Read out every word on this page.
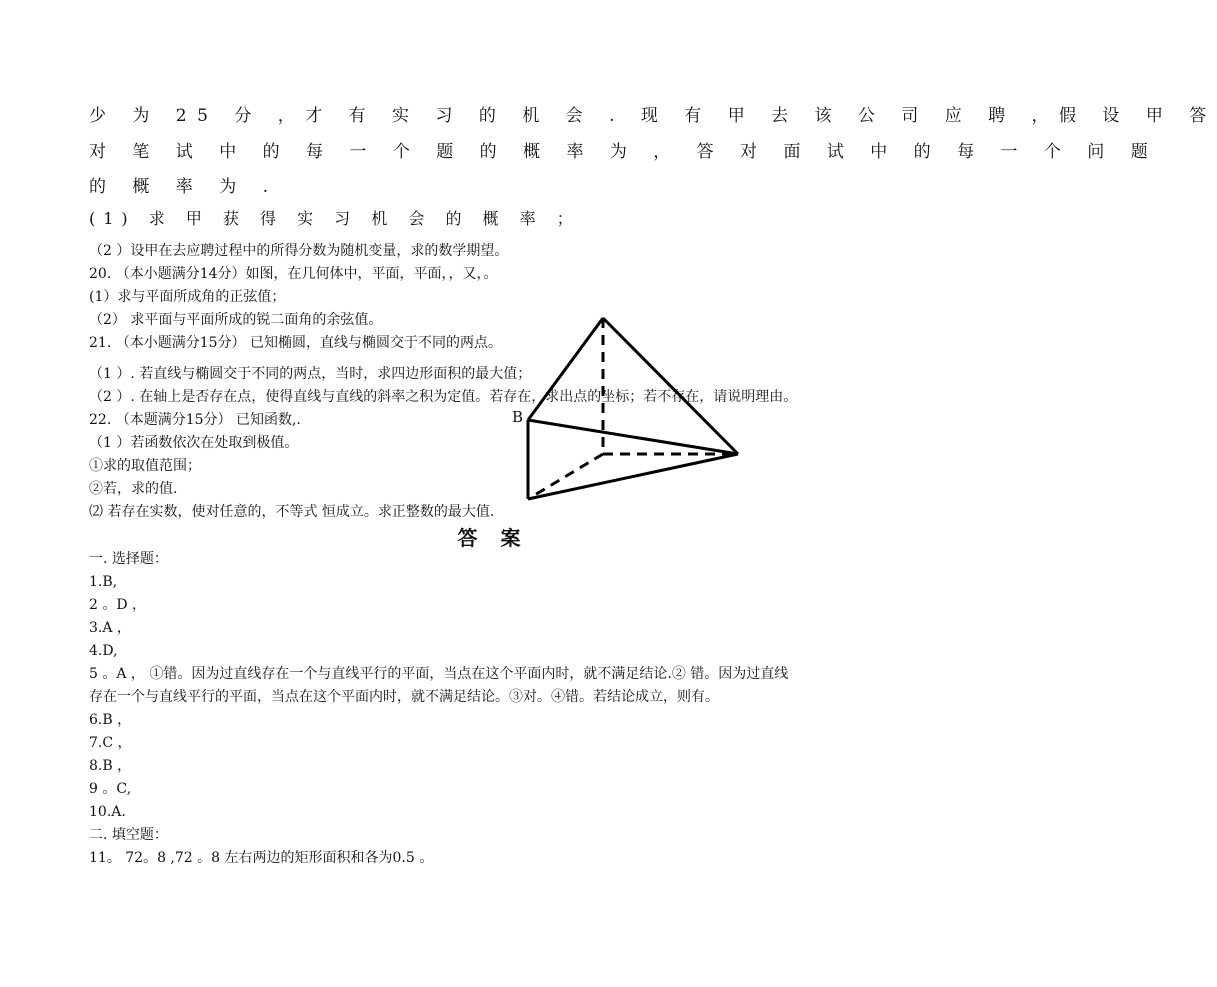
少 为 25 分 ，才 有 实 习 的 机 会 . 现 有 甲 去 该 公 司 应 聘 ，假 设 甲 答
对 笔 试 中 的 每 一 个 题 的 概 率 为 ， 答 对 面 试 中 的 每 一 个 问 题
的 概 率 为 .
(1) 求 甲 获 得 实 习 机 会 的 概 率 ；
（2 ）设甲在去应聘过程中的所得分数为随机变量，求的数学期望。
20. （本小题满分14分）如图，在几何体中，平面，平面，，又，。
(1）求与平面所成角的正弦值；
（2） 求平面与平面所成的锐二面角的余弦值。
21. （本小题满分15分） 已知椭圆，直线与椭圆交于不同的两点。
（1 ）. 若直线与椭圆交于不同的两点，当时，求四边形面积的最大值；
（2 ）. 在轴上是否存在点，使得直线与直线的斜率之积为定值。若存在，求出点的坐标；若不存在，请说明理由。
22. （本题满分15分） 已知函数,.
（1 ）若函数依次在处取到极值。
①求的取值范围；
②若，求的值.
⑵ 若存在实数，使对任意的，不等式 恒成立。求正整数的最大值.
B
答 案
一. 选择题：
1.B,
2 。D ，
3.A ，
4.D,
5 。A ， ①错。因为过直线存在一个与直线平行的平面，当点在这个平面内时，就不满足结论.② 错。因为过直线
存在一个与直线平行的平面，当点在这个平面内时，就不满足结论。③对。④错。若结论成立，则有。
6.B ，
7.C ，
8.B ，
9 。C,
10.A.
二. 填空题：
11。 72。8 ,72 。8 左右两边的矩形面积和各为0.5 。
